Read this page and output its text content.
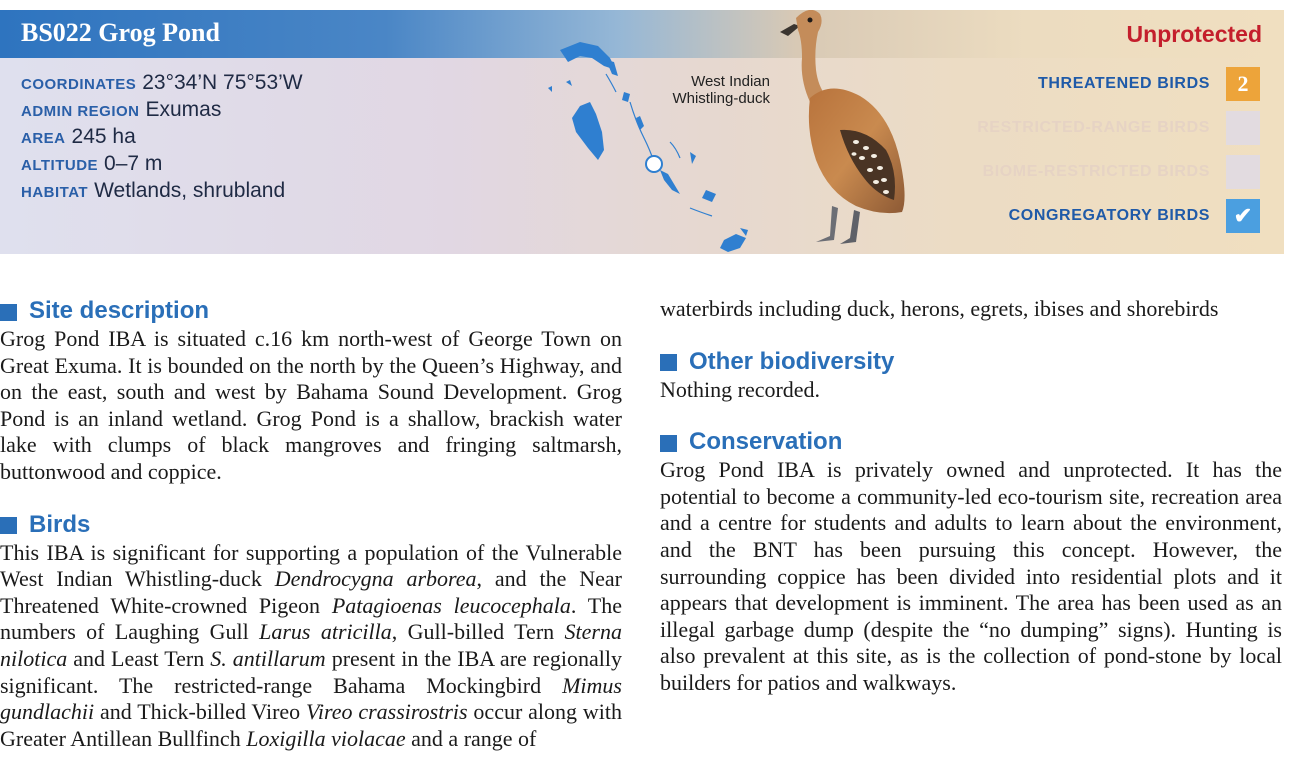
BS022 Grog Pond	Unprotected
COORDINATES 23°34’N 75°53’W
ADMIN REGION Exumas
AREA 245 ha
ALTITUDE 0–7 m
HABITAT Wetlands, shrubland
West Indian Whistling-duck
THREATENED BIRDS	2
RESTRICTED-RANGE BIRDS
BIOME-RESTRICTED BIRDS
CONGREGATORY BIRDS	✔
Site description

Grog Pond IBA is situated c.16 km north-west of George Town on Great Exuma. It is bounded on the north by the Queen’s Highway, and on the east, south and west by Bahama Sound Development. Grog Pond is an inland wetland. Grog Pond is a shallow, brackish water lake with clumps of black mangroves and fringing saltmarsh, buttonwood and coppice.

Birds

This IBA is significant for supporting a population of the Vulnerable West Indian Whistling-duck Dendrocygna arborea, and the Near Threatened White-crowned Pigeon Patagioenas leucocephala. The numbers of Laughing Gull Larus atricilla, Gull-billed Tern Sterna nilotica and Least Tern S. antillarum present in the IBA are regionally significant. The restricted-range Bahama Mockingbird Mimus gundlachii and Thick-billed Vireo Vireo crassirostris occur along with Greater Antillean Bullfinch Loxigilla violacae and a range of

waterbirds including duck, herons, egrets, ibises and shorebirds

Other biodiversity

Nothing recorded.

Conservation

Grog Pond IBA is privately owned and unprotected. It has the potential to become a community-led eco-tourism site, recreation area and a centre for students and adults to learn about the environment, and the BNT has been pursuing this concept. However, the surrounding coppice has been divided into residential plots and it appears that development is imminent. The area has been used as an illegal garbage dump (despite the “no dumping” signs). Hunting is also prevalent at this site, as is the collection of pond-stone by local builders for patios and walkways.
